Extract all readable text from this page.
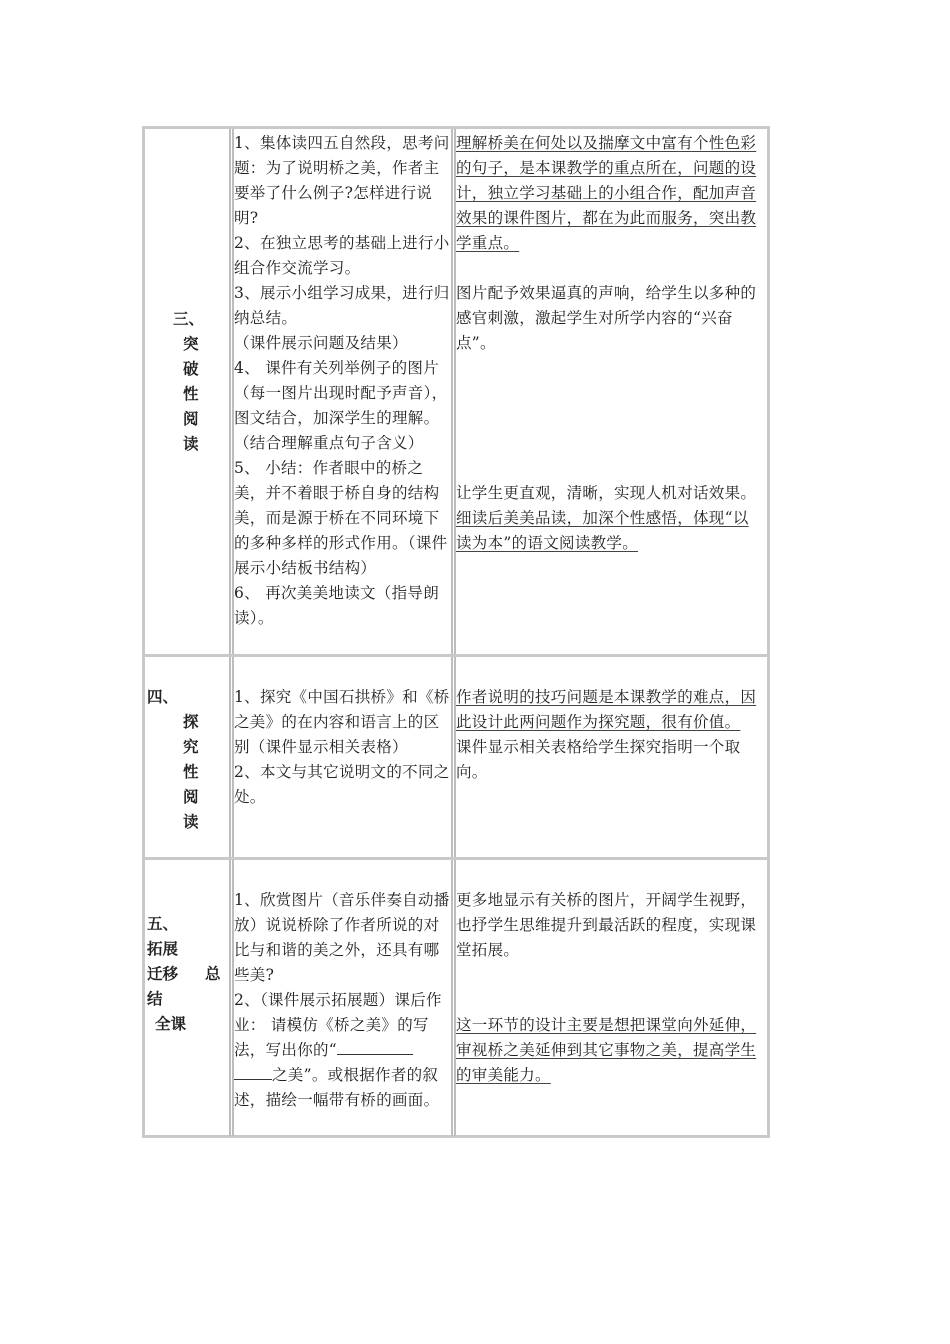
三、

突

破

性

阅

读

1、集体读四五自然段，思考问题：为了说明桥之美，作者主要举了什么例子?怎样进行说明?

2、在独立思考的基础上进行小组合作交流学习。

3、展示小组学习成果，进行归纳总结。

（课件展示问题及结果）

4、 课件有关列举例子的图片（每一图片出现时配予声音），图文结合，加深学生的理解。（结合理解重点句子含义）

5、 小结：作者眼中的桥之美，并不着眼于桥自身的结构美，而是源于桥在不同环境下的多种多样的形式作用。（课件展示小结板书结构）

6、 再次美美地读文（指导朗读）。

理解桥美在何处以及揣摩文中富有个性色彩的句子，是本课教学的重点所在，问题的设计，独立学习基础上的小组合作，配加声音效果的课件图片，都在为此而服务，突出教学重点。

图片配予效果逼真的声响，给学生以多种的感官刺激，激起学生对所学内容的“兴奋点”。

让学生更直观，清晰，实现人机对话效果。

细读后美美品读，加深个性感悟，体现“以读为本”的语文阅读教学。

四、

探

究

性

阅

读

1、探究《中国石拱桥》和《桥之美》的在内容和语言上的区别（课件显示相关表格）

2、本文与其它说明文的不同之处。

作者说明的技巧问题是本课教学的难点，因此设计此两问题作为探究题，很有价值。

课件显示相关表格给学生探究指明一个取向。

五、

拓展

迁移 总

结

全课

1、欣赏图片（音乐伴奏自动播放）说说桥除了作者所说的对比与和谐的美之外，还具有哪些美?

2、（课件展示拓展题）课后作业： 请模仿《桥之美》的写法，写出你的“

之美”。或根据作者的叙述，描绘一幅带有桥的画面。

更多地显示有关桥的图片，开阔学生视野，也抒学生思维提升到最活跃的程度，实现课堂拓展。

这一环节的设计主要是想把课堂向外延伸，审视桥之美延伸到其它事物之美，提高学生的审美能力。
